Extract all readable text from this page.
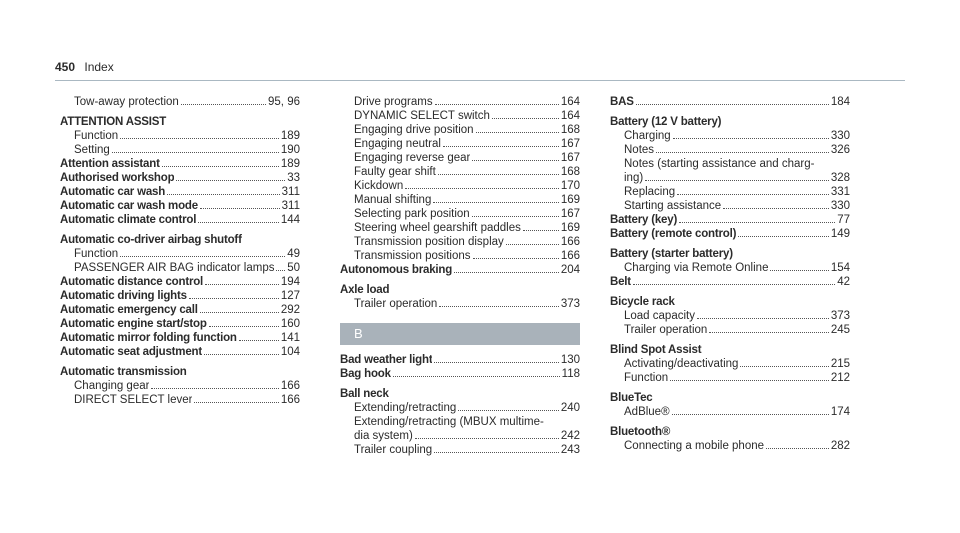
450 Index
Tow-away protection	95, 96
ATTENTION ASSIST
Function	189
Setting	190
Attention assistant	189
Authorised workshop	33
Automatic car wash	311
Automatic car wash mode	311
Automatic climate control	144
Automatic co-driver airbag shutoff
Function	49
PASSENGER AIR BAG indicator lamps 50
Automatic distance control	194
Automatic driving lights	127
Automatic emergency call	292
Automatic engine start/stop	160
Automatic mirror folding function	141
Automatic seat adjustment	104
Automatic transmission
Changing gear	166
DIRECT SELECT lever	166
Drive programs	164
DYNAMIC SELECT switch	164
Engaging drive position	168
Engaging neutral	167
Engaging reverse gear	167
Faulty gear shift	168
Kickdown	170
Manual shifting	169
Selecting park position	167
Steering wheel gearshift paddles	169
Transmission position display	166
Transmission positions	166
Autonomous braking	204
Axle load
Trailer operation	373
B
Bad weather light	130
Bag hook	118
Ball neck
Extending/retracting	240
Extending/retracting (MBUX multime-
dia system)	242
Trailer coupling	243
BAS	184
Battery (12 V battery)
Charging	330
Notes	326
Notes (starting assistance and charg-
ing)	328
Replacing	331
Starting assistance	330
Battery (key)	77
Battery (remote control)	149
Battery (starter battery)
Charging via Remote Online	154
Belt	42
Bicycle rack
Load capacity	373
Trailer operation	245
Blind Spot Assist
Activating/deactivating	215
Function	212
BlueTec
AdBlue®	174
Bluetooth®
Connecting a mobile phone	282
